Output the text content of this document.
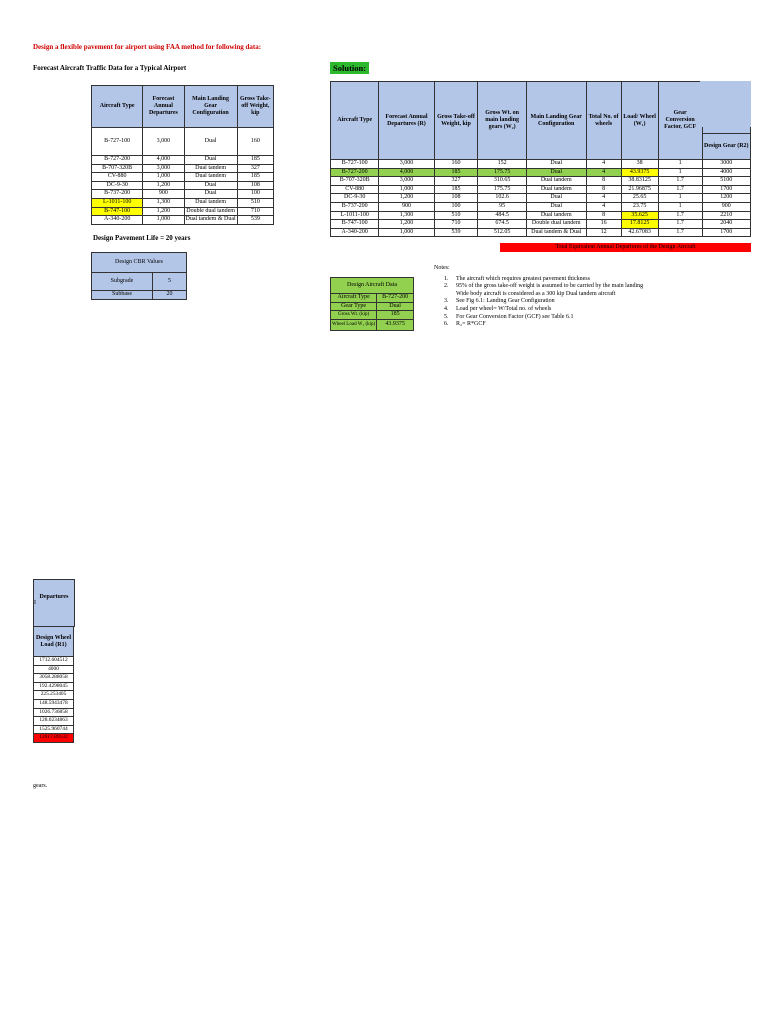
Design a flexible pavement for airport using FAA method for following data:
Forecast Aircraft Traffic Data for a Typical Airport	Solution:
Aircraft Type	Forecast Annual Departures	Main Landing Gear Configuration	Gross Take-off Weight, kip
B-727-100	3,000	Dual	160
B-727-200	4,000	Dual	185
B-707-320B	3,000	Dual tandem	327
CV-880	1,000	Dual tandem	185
DC-9-30	1,200	Dual	108
B-737-200	900	Dual	100
L-1011-100	1,300	Dual tandem	510
B-747-100	1,200	Double dual tandem	710
A-340-200	1,000	Dual tandem & Dual	539
Design Pavement Life = 20 years
Design CBR Values	
Subgrade	5
Subbase	20
Aircraft Type	Forecast Annual Departures (R)	Gross Take-off Weight, kip	Gross Wt. on main landing gears (W₂)	Main Landing Gear Configuration	Total No. of wheels	Load/ Wheel (W₁)	Gear Conversion Factor, GCF	

								Design Gear (R2)
B-727-100	3,000	160	152	Dual	4	38	1	3000
B-727-200	4,000	185	175.75	Dual	4	43.9375	1	4000
B-707-320B	3,000	327	310.65	Dual tandem	8	38.83125	1.7	5100
CV-880	1,000	185	175.75	Dual tandem	8	21.96875	1.7	1700
DC-9-30	1,200	108	102.6	Dual	4	25.65	1	1200
B-737-200	900	100	95	Dual	4	23.75	1	900
L-1011-100	1,300	510	484.5	Dual tandem	8	35.625	1.7	2210
B-747-100	1,200	710	674.5	Double dual tandem	16	17.8125	1.7	2040
A-340-200	1,000	539	512.05	Dual tandem & Dual	12	42.67083	1.7	1700
Total Equivalent Annual Departures of the Design Aircraft
Design Aircraft Data	
Aircraft Type	B-727-200
Gear Type	Dual
Gross Wt. (kip)	185
Wheel Load W₁ (kip)	43.9375
Notes:
1. The aircraft which requires greatest pavement thickness
2. 95% of the gross take-off weight is assumed to be carried by the main landing
Wide body aircraft is considered as a 300 kip Dual tandem aircraft
3. See Fig 6.1: Landing Gear Configuration
4. Load per wheel= W/Total no. of wheels
5. For Gear Conversion Factor (GCF) see Table 6.1
6. R₂= R*GCF
Departures
I
Design Wheel Load (R1)
1712.604512
4000
3058.288058
192.4298045
225.253405
148.5943478
1026.736858
128.0234863
1525.960744
12017.89132
gears.
